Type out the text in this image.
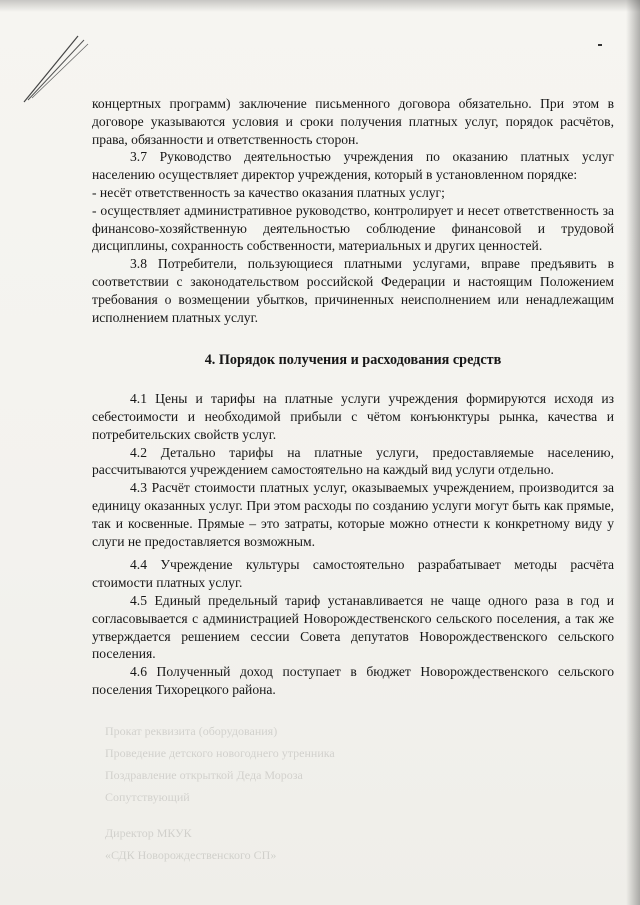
Прокат реквизита (оборудования)
Проведение детского новогоднего утренника
Поздравление открыткой Деда Мороза
Сопутствующий
Директор МКУК
«СДК Новорождественского СП»

концертных программ) заключение письменного договора обязательно. При этом в договоре указываются условия и сроки получения платных услуг, порядок расчётов, права, обязанности и ответственность сторон.

3.7 Руководство деятельностью учреждения по оказанию платных услуг населению осуществляет директор учреждения, который в установленном порядке:

- несёт ответственность за качество оказания платных услуг;

- осуществляет административное руководство, контролирует и несет ответственность за финансово-хозяйственную деятельностью соблюдение финансовой и трудовой дисциплины, сохранность собственности, материальных и других ценностей.

3.8 Потребители, пользующиеся платными услугами, вправе предъявить в соответствии с законодательством российской Федерации и настоящим Положением требования о возмещении убытков, причиненных неисполнением или ненадлежащим исполнением платных услуг.

4. Порядок получения и расходования средств

4.1 Цены и тарифы на платные услуги учреждения формируются исходя из себестоимости и необходимой прибыли с чётом конъюнктуры рынка, качества и потребительских свойств услуг.

4.2 Детально тарифы на платные услуги, предоставляемые населению, рассчитываются учреждением самостоятельно на каждый вид услуги отдельно.

4.3 Расчёт стоимости платных услуг, оказываемых учреждением, производится за единицу оказанных услуг. При этом расходы по созданию услуги могут быть как прямые, так и косвенные. Прямые – это затраты, которые можно отнести к конкретному виду у слуги не предоставляется возможным.

4.4 Учреждение культуры самостоятельно разрабатывает методы расчёта стоимости платных услуг.

4.5 Единый предельный тариф устанавливается не чаще одного раза в год и согласовывается с администрацией Новорождественского сельского поселения, а так же утверждается решением сессии Совета депутатов Новорождественского сельского поселения.

4.6 Полученный доход поступает в бюджет Новорождественского сельского поселения Тихорецкого района.
